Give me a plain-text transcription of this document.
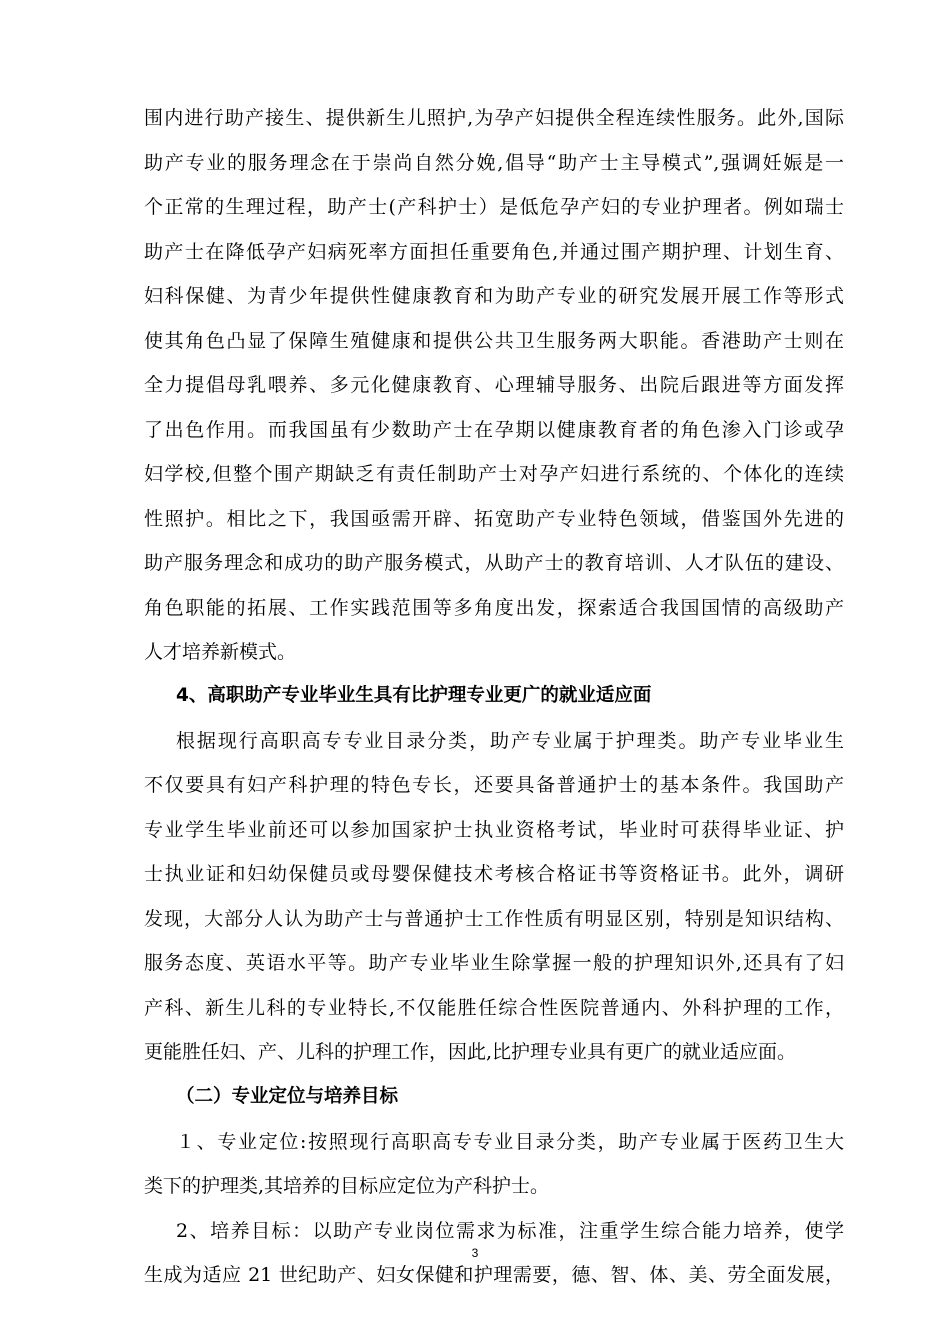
围内进行助产接生、提供新生儿照护,为孕产妇提供全程连续性服务。此外,国际
助产专业的服务理念在于崇尚自然分娩,倡导“助产士主导模式”,强调妊娠是一
个正常的生理过程，助产士(产科护士）是低危孕产妇的专业护理者。例如瑞士
助产士在降低孕产妇病死率方面担任重要角色,并通过围产期护理、计划生育、
妇科保健、为青少年提供性健康教育和为助产专业的研究发展开展工作等形式
使其角色凸显了保障生殖健康和提供公共卫生服务两大职能。香港助产士则在
全力提倡母乳喂养、多元化健康教育、心理辅导服务、出院后跟进等方面发挥
了出色作用。而我国虽有少数助产士在孕期以健康教育者的角色渗入门诊或孕
妇学校,但整个围产期缺乏有责任制助产士对孕产妇进行系统的、个体化的连续
性照护。相比之下，我国亟需开辟、拓宽助产专业特色领域，借鉴国外先进的
助产服务理念和成功的助产服务模式，从助产士的教育培训、人才队伍的建设、
角色职能的拓展、工作实践范围等多角度出发，探索适合我国国情的高级助产
人才培养新模式。
4、高职助产专业毕业生具有比护理专业更广的就业适应面
根据现行高职高专专业目录分类，助产专业属于护理类。助产专业毕业生
不仅要具有妇产科护理的特色专长，还要具备普通护士的基本条件。我国助产
专业学生毕业前还可以参加国家护士执业资格考试，毕业时可获得毕业证、护
士执业证和妇幼保健员或母婴保健技术考核合格证书等资格证书。此外，调研
发现，大部分人认为助产士与普通护士工作性质有明显区别，特别是知识结构、
服务态度、英语水平等。助产专业毕业生除掌握一般的护理知识外,还具有了妇
产科、新生儿科的专业特长,不仅能胜任综合性医院普通内、外科护理的工作，
更能胜任妇、产、儿科的护理工作，因此,比护理专业具有更广的就业适应面。
（二）专业定位与培养目标
１、专业定位:按照现行高职高专专业目录分类，助产专业属于医药卫生大
类下的护理类,其培养的目标应定位为产科护士。
2、培养目标：以助产专业岗位需求为标准，注重学生综合能力培养，使学
生成为适应 21 世纪助产、妇女保健和护理需要，德、智、体、美、劳全面发展，
3
